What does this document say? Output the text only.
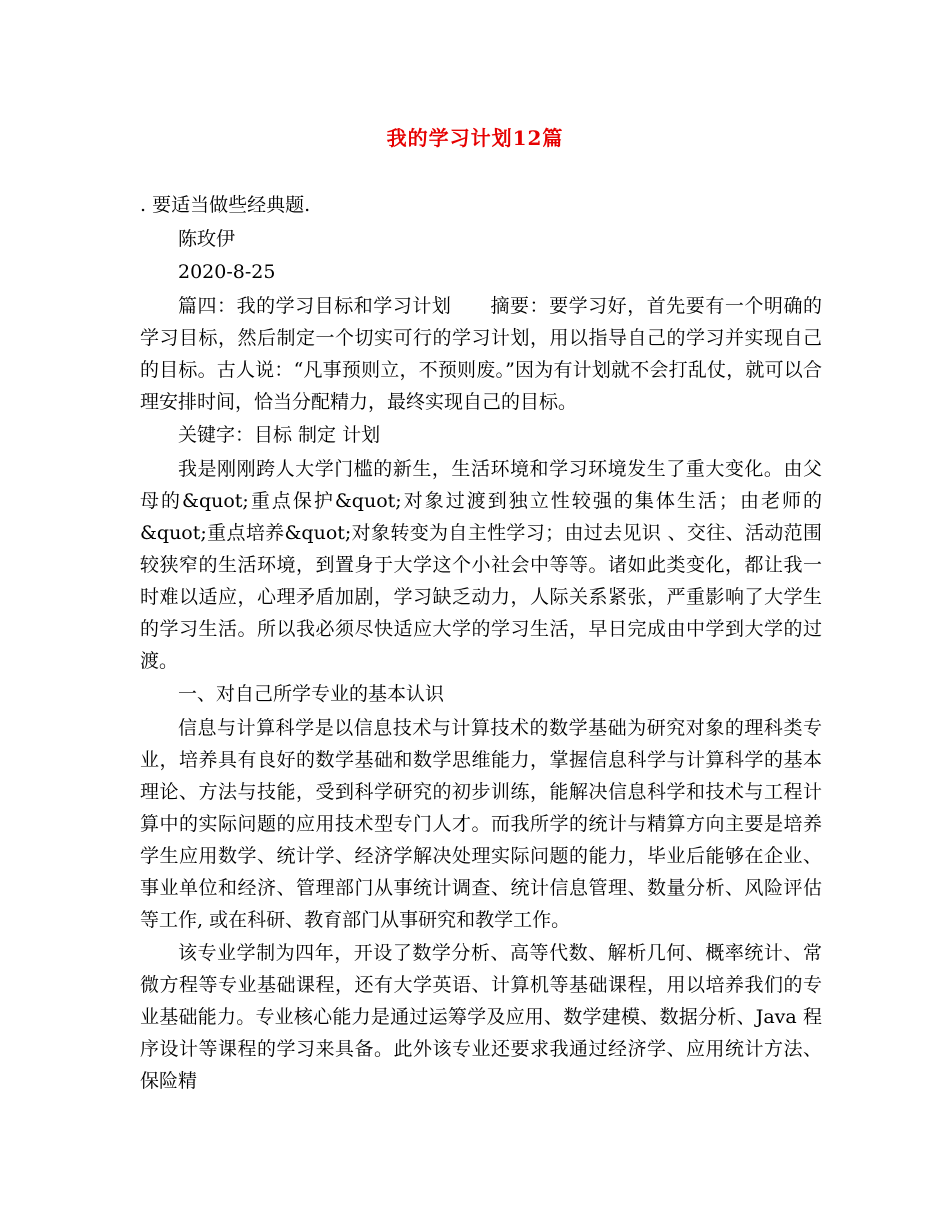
我的学习计划12篇

. 要适当做些经典题.

陈玫伊

2020-8-25

篇四：我的学习目标和学习计划　　摘要：要学习好，首先要有一个明确的学习目标，然后制定一个切实可行的学习计划，用以指导自己的学习并实现自己的目标。古人说：“凡事预则立，不预则废。”因为有计划就不会打乱仗，就可以合理安排时间，恰当分配精力，最终实现自己的目标。

关键字：目标 制定 计划

我是刚刚跨人大学门槛的新生，生活环境和学习环境发生了重大变化。由父母的&quot;重点保护&quot;对象过渡到独立性较强的集体生活；由老师的&quot;重点培养&quot;对象转变为自主性学习；由过去见识 、交往、活动范围较狭窄的生活环境，到置身于大学这个小社会中等等。诸如此类变化，都让我一时难以适应，心理矛盾加剧，学习缺乏动力，人际关系紧张，严重影响了大学生的学习生活。所以我必须尽快适应大学的学习生活，早日完成由中学到大学的过渡。

一、对自己所学专业的基本认识

信息与计算科学是以信息技术与计算技术的数学基础为研究对象的理科类专业，培养具有良好的数学基础和数学思维能力，掌握信息科学与计算科学的基本理论、方法与技能，受到科学研究的初步训练，能解决信息科学和技术与工程计算中的实际问题的应用技术型专门人才。而我所学的统计与精算方向主要是培养学生应用数学、统计学、经济学解决处理实际问题的能力，毕业后能够在企业、事业单位和经济、管理部门从事统计调查、统计信息管理、数量分析、风险评估等工作, 或在科研、教育部门从事研究和教学工作。

该专业学制为四年，开设了数学分析、高等代数、解析几何、概率统计、常微方程等专业基础课程，还有大学英语、计算机等基础课程，用以培养我们的专业基础能力。专业核心能力是通过运筹学及应用、数学建模、数据分析、Java 程序设计等课程的学习来具备。此外该专业还要求我通过经济学、应用统计方法、保险精
